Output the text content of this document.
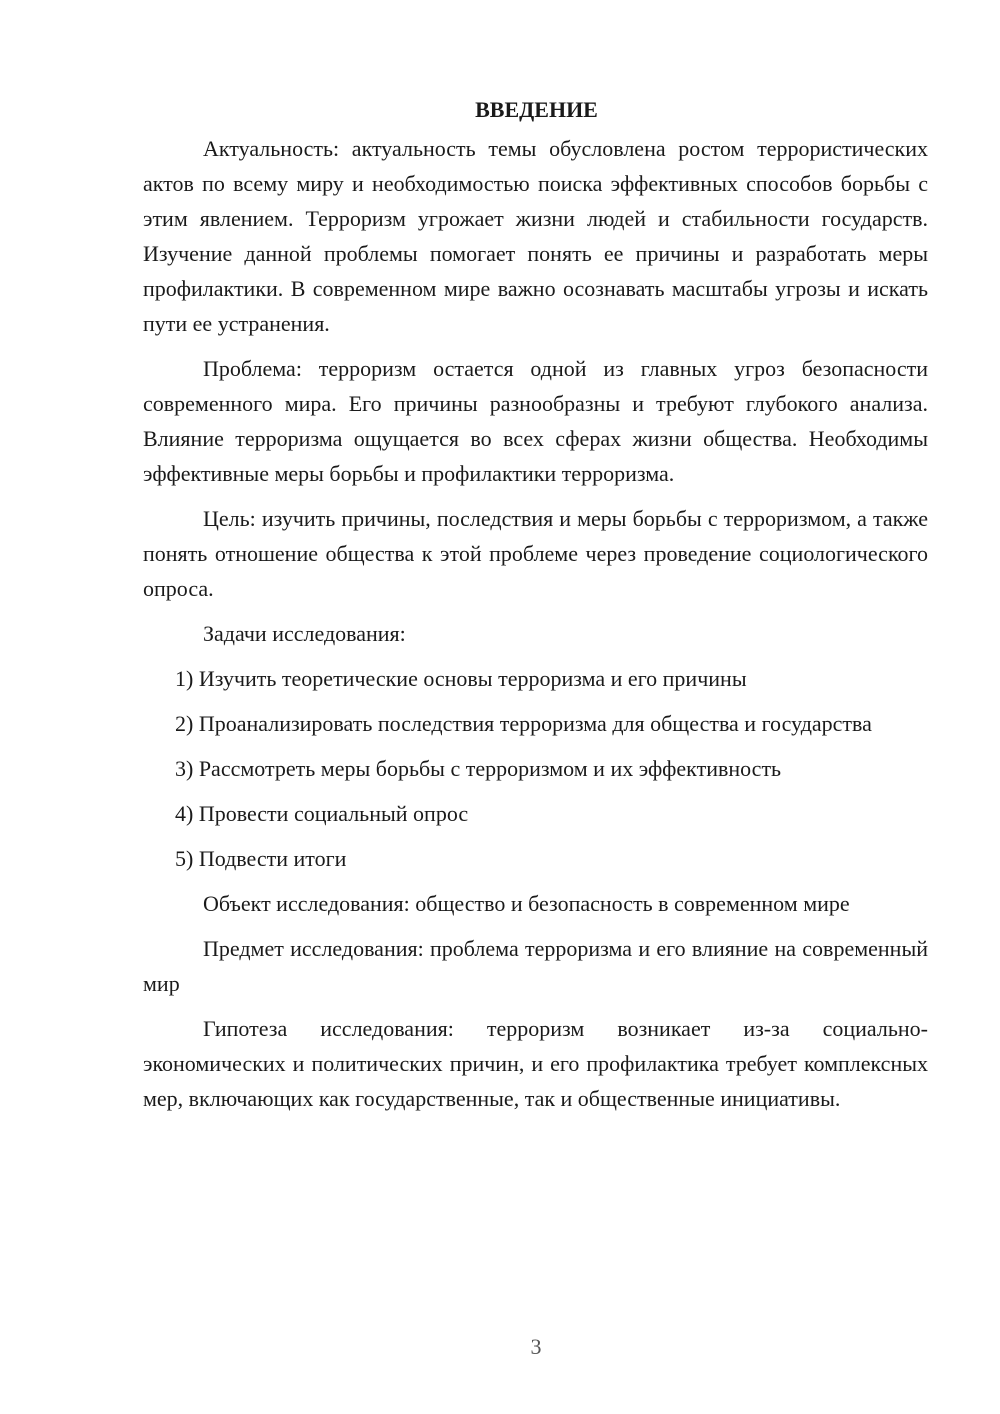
ВВЕДЕНИЕ

Актуальность: актуальность темы обусловлена ростом террористических актов по всему миру и необходимостью поиска эффективных способов борьбы с этим явлением. Терроризм угрожает жизни людей и стабильности государств. Изучение данной проблемы помогает понять ее причины и разработать меры профилактики. В современном мире важно осознавать масштабы угрозы и искать пути ее устранения.

Проблема: терроризм остается одной из главных угроз безопасности современного мира. Его причины разнообразны и требуют глубокого анализа. Влияние терроризма ощущается во всех сферах жизни общества. Необходимы эффективные меры борьбы и профилактики терроризма.

Цель: изучить причины, последствия и меры борьбы с терроризмом, а также понять отношение общества к этой проблеме через проведение социологического опроса.

Задачи исследования:

1) Изучить теоретические основы терроризма и его причины

2) Проанализировать последствия терроризма для общества и государства

3) Рассмотреть меры борьбы с терроризмом и их эффективность

4) Провести социальный опрос

5) Подвести итоги

Объект исследования: общество и безопасность в современном мире

Предмет исследования: проблема терроризма и его влияние на современный мир

Гипотеза исследования: терроризм возникает из-за социально-экономических и политических причин, и его профилактика требует комплексных мер, включающих как государственные, так и общественные инициативы.

3
